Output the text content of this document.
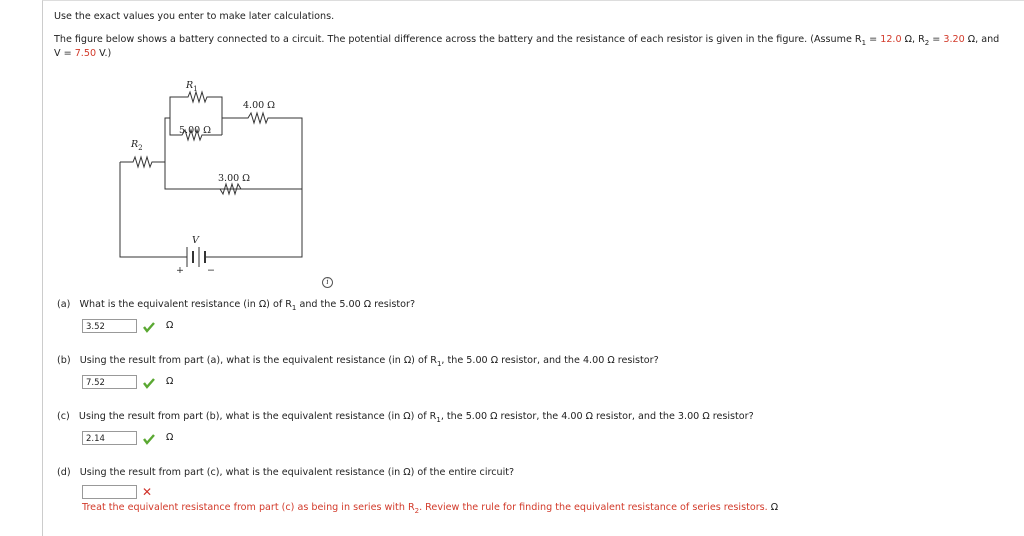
Use the exact values you enter to make later calculations.
The figure below shows a battery connected to a circuit. The potential difference across the battery and the resistance of each resistor is given in the figure. (Assume $R_1 = 12.0$ Ω, $R_2 = 3.20$ Ω, and
V = 7.50 V.)
$R_1$
$R_2$
4.00 Ω
5.00 Ω
3.00 Ω
V
+ −
i
(a) What is the equivalent resistance (in Ω) of $R_1$ and the 5.00 Ω resistor?
3.52	Ω
(b) Using the result from part (a), what is the equivalent resistance (in Ω) of $R_1$, the 5.00 Ω resistor, and the 4.00 Ω resistor?
7.52	Ω
(c) Using the result from part (b), what is the equivalent resistance (in Ω) of $R_1$, the 5.00 Ω resistor, the 4.00 Ω resistor, and the 3.00 Ω resistor?
2.14	Ω
(d) Using the result from part (c), what is the equivalent resistance (in Ω) of the entire circuit?
✕
Treat the equivalent resistance from part (c) as being in series with $R_2$. Review the rule for finding the equivalent resistance of series resistors. Ω
